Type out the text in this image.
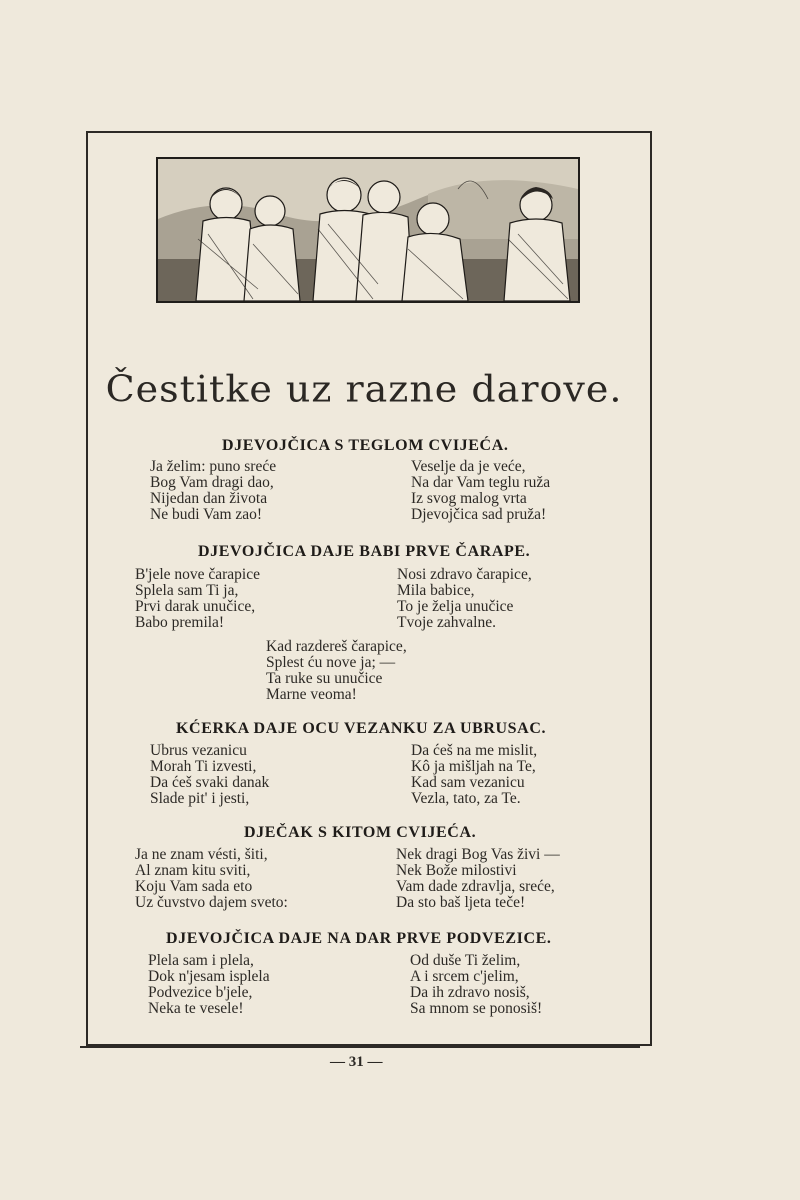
Čestitke uz razne darove.
DJEVOJČICA S TEGLOM CVIJEĆA.
Ja želim: puno sreće
Bog Vam dragi dao,
Nijedan dan života
Ne budi Vam zao!
Veselje da je veće,
Na dar Vam teglu ruža
Iz svog malog vrta
Djevojčica sad pruža!
DJEVOJČICA DAJE BABI PRVE ČARAPE.
B'jele nove čarapice
Splela sam Ti ja,
Prvi darak unučice,
Babo premila!
Nosi zdravo čarapice,
Mila babice,
To je želja unučice
Tvoje zahvalne.
Kad razdereš čarapice,
Splest ću nove ja; —
Ta ruke su unučice
Marne veoma!
KĆERKA DAJE OCU VEZANKU ZA UBRUSAC.
Ubrus vezanicu
Morah Ti izvesti,
Da ćeš svaki danak
Slade pit' i jesti,
Da ćeš na me mislit,
Kô ja mišljah na Te,
Kad sam vezanicu
Vezla, tato, za Te.
DJEČAK S KITOM CVIJEĆA.
Ja ne znam vésti, šiti,
Al znam kitu sviti,
Koju Vam sada eto
Uz čuvstvo dajem sveto:
Nek dragi Bog Vas živi —
Nek Bože milostivi
Vam dade zdravlja, sreće,
Da sto baš ljeta teče!
DJEVOJČICA DAJE NA DAR PRVE PODVEZICE.
Plela sam i plela,
Dok n'jesam isplela
Podvezice b'jele,
Neka te vesele!
Od duše Ti želim,
A i srcem c'jelim,
Da ih zdravo nosiš,
Sa mnom se ponosiš!
— 31 —
